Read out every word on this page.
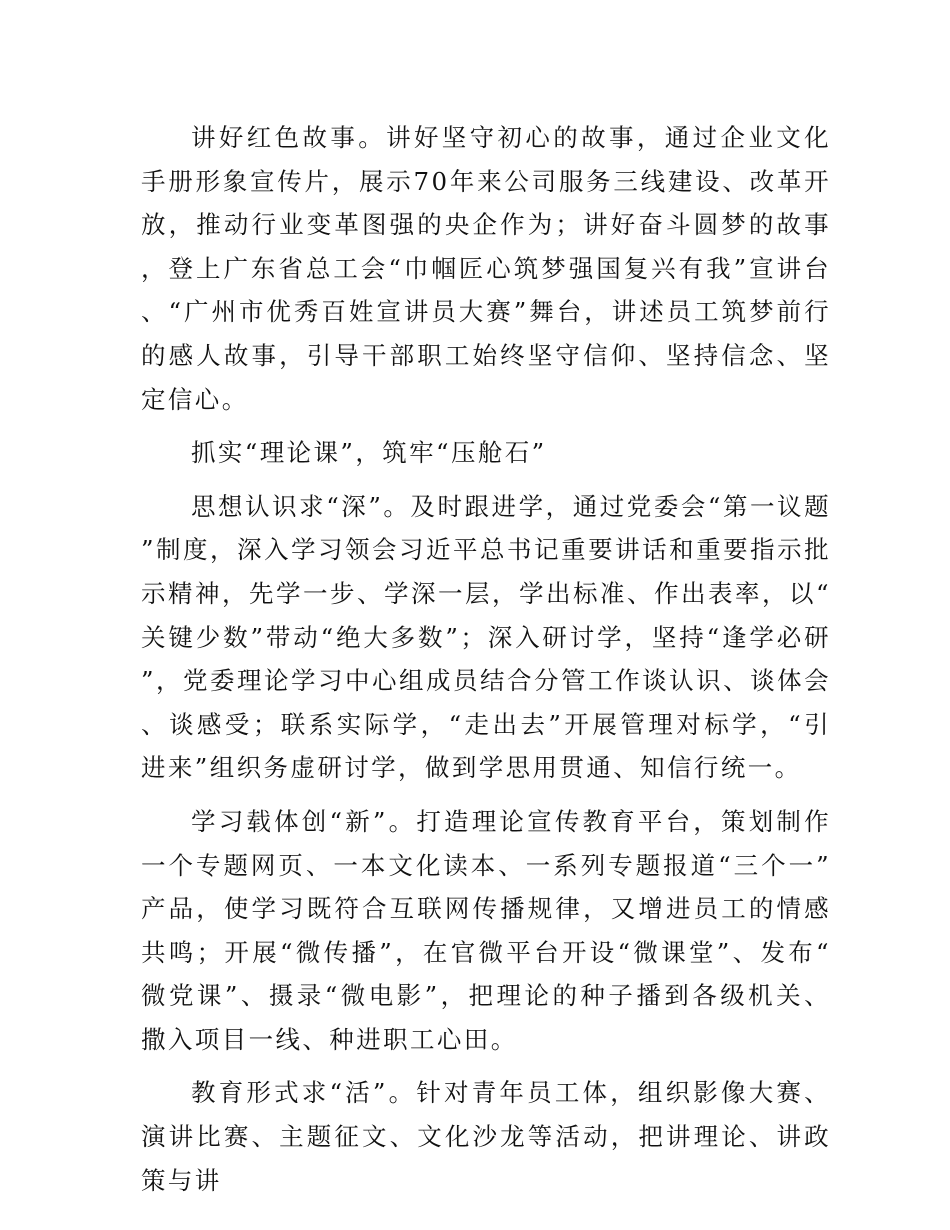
讲好红色故事。讲好坚守初心的故事，通过企业文化手册形象宣传片，展示70年来公司服务三线建设、改革开放，推动行业变革图强的央企作为；讲好奋斗圆梦的故事，登上广东省总工会“巾帼匠心筑梦强国复兴有我”宣讲台、“广州市优秀百姓宣讲员大赛”舞台，讲述员工筑梦前行的感人故事，引导干部职工始终坚守信仰、坚持信念、坚定信心。

抓实“理论课”，筑牢“压舱石”

思想认识求“深”。及时跟进学，通过党委会“第一议题”制度，深入学习领会习近平总书记重要讲话和重要指示批示精神，先学一步、学深一层，学出标准、作出表率，以“关键少数”带动“绝大多数”；深入研讨学，坚持“逢学必研”，党委理论学习中心组成员结合分管工作谈认识、谈体会、谈感受；联系实际学，“走出去”开展管理对标学，“引进来”组织务虚研讨学，做到学思用贯通、知信行统一。

学习载体创“新”。打造理论宣传教育平台，策划制作一个专题网页、一本文化读本、一系列专题报道“三个一”产品，使学习既符合互联网传播规律，又增进员工的情感共鸣；开展“微传播”，在官微平台开设“微课堂”、发布“微党课”、摄录“微电影”，把理论的种子播到各级机关、撒入项目一线、种进职工心田。

教育形式求“活”。针对青年员工体，组织影像大赛、演讲比赛、主题征文、文化沙龙等活动，把讲理论、讲政策与讲
